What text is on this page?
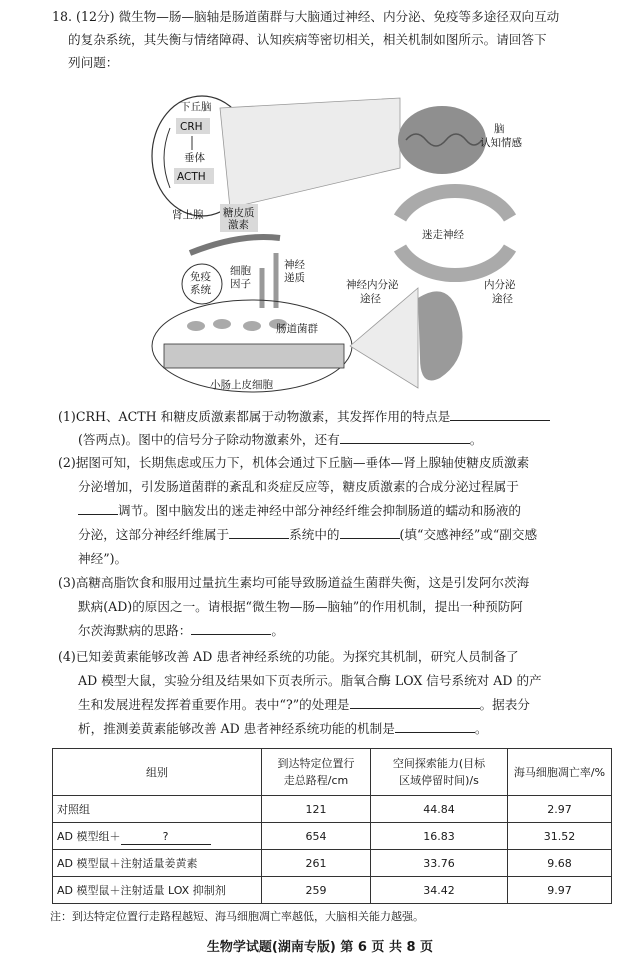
18. (12分) 微生物—肠—脑轴是肠道菌群与大脑通过神经、内分泌、免疫等多途径双向互动
的复杂系统，其失衡与情绪障碍、认知疾病等密切相关，相关机制如图所示。请回答下
列问题：
下丘脑
CRH
垂体
ACTH
脑
认知情感
肾上腺 糖皮质
激素
迷走神经
神经内分泌
途径
内分泌
途径
免疫
系统
细胞
因子
神经
递质
肠道菌群
小肠上皮细胞
(1)CRH、ACTH 和糖皮质激素都属于动物激素，其发挥作用的特点是
(答两点)。图中的信号分子除动物激素外，还有	。
(2)据图可知，长期焦虑或压力下，机体会通过下丘脑—垂体—肾上腺轴使糖皮质激素
分泌增加，引发肠道菌群的紊乱和炎症反应等，糖皮质激素的合成分泌过程属于
调节。图中脑发出的迷走神经中部分神经纤维会抑制肠道的蠕动和肠液的
分泌，这部分神经纤维属于	系统中的	(填“交感神经”或“副交感
神经”)。
(3)高糖高脂饮食和服用过量抗生素均可能导致肠道益生菌群失衡，这是引发阿尔茨海
默病(AD)的原因之一。请根据“微生物—肠—脑轴”的作用机制，提出一种预防阿
尔茨海默病的思路：	。
(4)已知姜黄素能够改善 AD 患者神经系统的功能。为探究其机制，研究人员制备了
AD 模型大鼠，实验分组及结果如下页表所示。脂氧合酶 LOX 信号系统对 AD 的产
生和发展进程发挥着重要作用。表中“?”的处理是	。据表分
析，推测姜黄素能够改善 AD 患者神经系统功能的机制是	。
组别	到达特定位置行
走总路程/cm	空间探索能力(目标
区域停留时间)/s	海马细胞凋亡率/%
对照组	121	44.84	2.97
AD 模型组＋ ?	654	16.83	31.52
AD 模型鼠＋注射适量姜黄素	261	33.76	9.68
AD 模型鼠＋注射适量 LOX 抑制剂	259	34.42	9.97
注：到达特定位置行走路程越短、海马细胞凋亡率越低，大脑相关能力越强。
生物学试题(湖南专版) 第 6 页 共 8 页
